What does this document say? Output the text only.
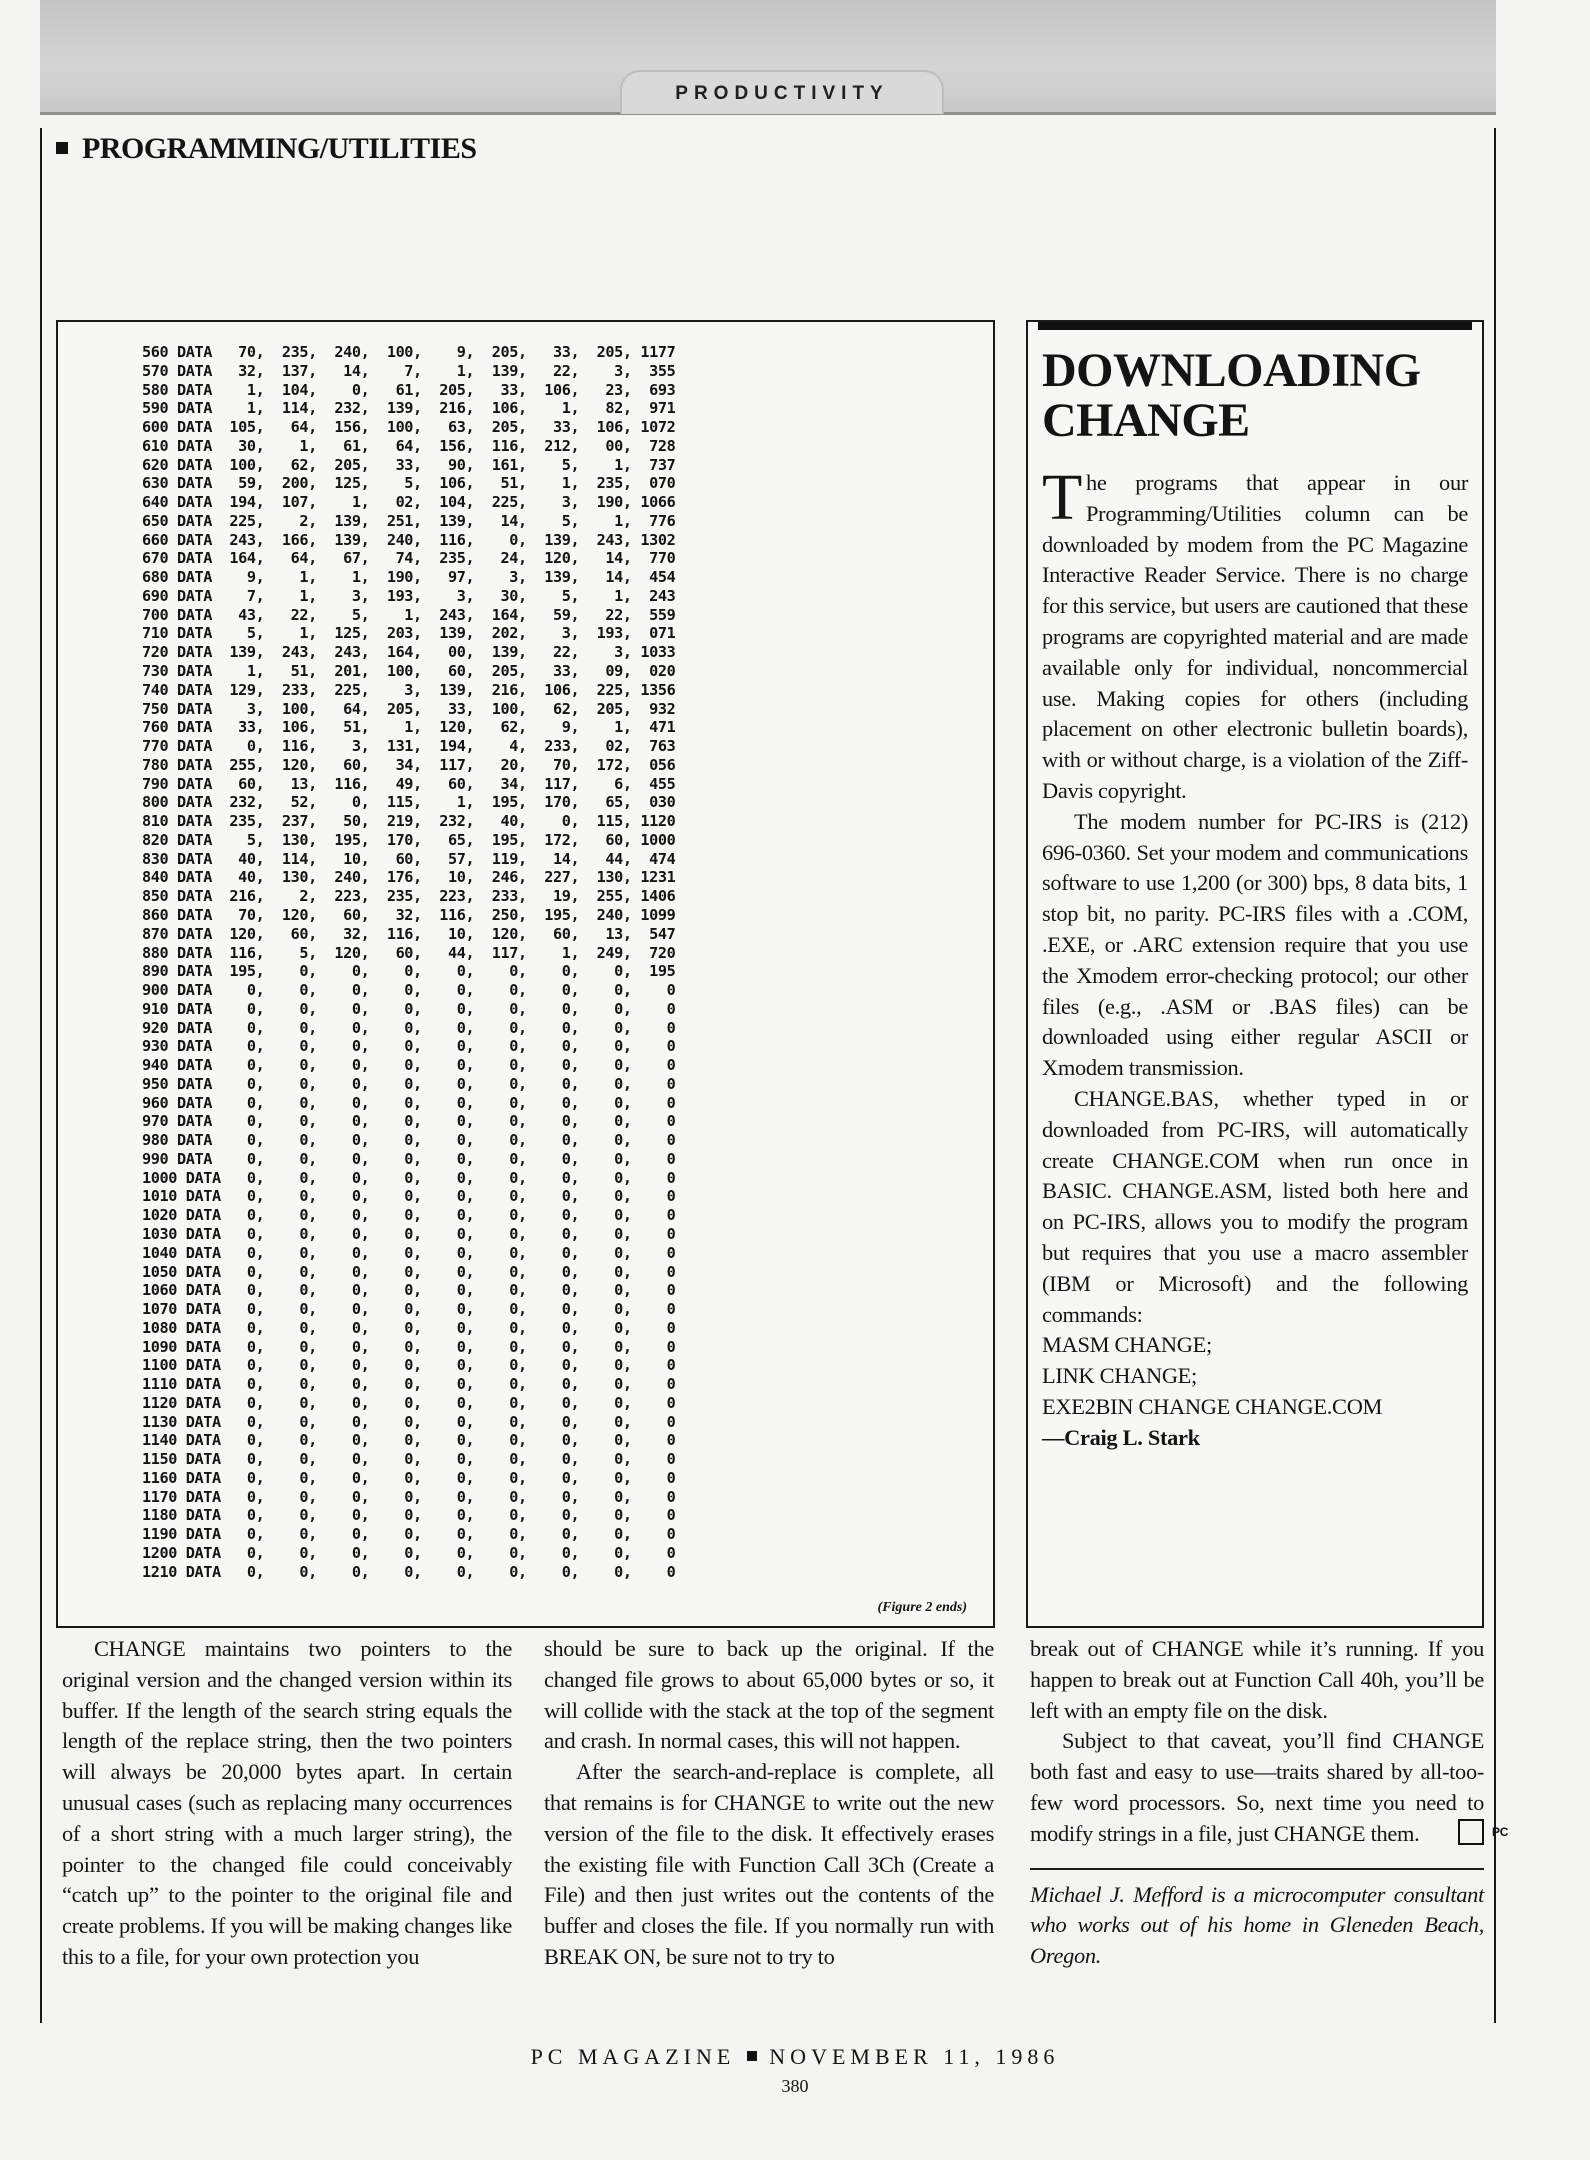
PRODUCTIVITY
PROGRAMMING/UTILITIES
560 DATA   70,  235,  240,  100,    9,  205,   33,  205, 1177
570 DATA   32,  137,   14,    7,    1,  139,   22,    3,  355
580 DATA    1,  104,    0,   61,  205,   33,  106,   23,  693
590 DATA    1,  114,  232,  139,  216,  106,    1,   82,  971
600 DATA  105,   64,  156,  100,   63,  205,   33,  106, 1072
610 DATA   30,    1,   61,   64,  156,  116,  212,   00,  728
620 DATA  100,   62,  205,   33,   90,  161,    5,    1,  737
630 DATA   59,  200,  125,    5,  106,   51,    1,  235,  070
640 DATA  194,  107,    1,   02,  104,  225,    3,  190, 1066
650 DATA  225,    2,  139,  251,  139,   14,    5,    1,  776
660 DATA  243,  166,  139,  240,  116,    0,  139,  243, 1302
670 DATA  164,   64,   67,   74,  235,   24,  120,   14,  770
680 DATA    9,    1,    1,  190,   97,    3,  139,   14,  454
690 DATA    7,    1,    3,  193,    3,   30,    5,    1,  243
700 DATA   43,   22,    5,    1,  243,  164,   59,   22,  559
710 DATA    5,    1,  125,  203,  139,  202,    3,  193,  071
720 DATA  139,  243,  243,  164,   00,  139,   22,    3, 1033
730 DATA    1,   51,  201,  100,   60,  205,   33,   09,  020
740 DATA  129,  233,  225,    3,  139,  216,  106,  225, 1356
750 DATA    3,  100,   64,  205,   33,  100,   62,  205,  932
760 DATA   33,  106,   51,    1,  120,   62,    9,    1,  471
770 DATA    0,  116,    3,  131,  194,    4,  233,   02,  763
780 DATA  255,  120,   60,   34,  117,   20,   70,  172,  056
790 DATA   60,   13,  116,   49,   60,   34,  117,    6,  455
800 DATA  232,   52,    0,  115,    1,  195,  170,   65,  030
810 DATA  235,  237,   50,  219,  232,   40,    0,  115, 1120
820 DATA    5,  130,  195,  170,   65,  195,  172,   60, 1000
830 DATA   40,  114,   10,   60,   57,  119,   14,   44,  474
840 DATA   40,  130,  240,  176,   10,  246,  227,  130, 1231
850 DATA  216,    2,  223,  235,  223,  233,   19,  255, 1406
860 DATA   70,  120,   60,   32,  116,  250,  195,  240, 1099
870 DATA  120,   60,   32,  116,   10,  120,   60,   13,  547
880 DATA  116,    5,  120,   60,   44,  117,    1,  249,  720
890 DATA  195,    0,    0,    0,    0,    0,    0,    0,  195
900 DATA    0,    0,    0,    0,    0,    0,    0,    0,    0
910 DATA    0,    0,    0,    0,    0,    0,    0,    0,    0
920 DATA    0,    0,    0,    0,    0,    0,    0,    0,    0
930 DATA    0,    0,    0,    0,    0,    0,    0,    0,    0
940 DATA    0,    0,    0,    0,    0,    0,    0,    0,    0
950 DATA    0,    0,    0,    0,    0,    0,    0,    0,    0
960 DATA    0,    0,    0,    0,    0,    0,    0,    0,    0
970 DATA    0,    0,    0,    0,    0,    0,    0,    0,    0
980 DATA    0,    0,    0,    0,    0,    0,    0,    0,    0
990 DATA    0,    0,    0,    0,    0,    0,    0,    0,    0
1000 DATA   0,    0,    0,    0,    0,    0,    0,    0,    0
1010 DATA   0,    0,    0,    0,    0,    0,    0,    0,    0
1020 DATA   0,    0,    0,    0,    0,    0,    0,    0,    0
1030 DATA   0,    0,    0,    0,    0,    0,    0,    0,    0
1040 DATA   0,    0,    0,    0,    0,    0,    0,    0,    0
1050 DATA   0,    0,    0,    0,    0,    0,    0,    0,    0
1060 DATA   0,    0,    0,    0,    0,    0,    0,    0,    0
1070 DATA   0,    0,    0,    0,    0,    0,    0,    0,    0
1080 DATA   0,    0,    0,    0,    0,    0,    0,    0,    0
1090 DATA   0,    0,    0,    0,    0,    0,    0,    0,    0
1100 DATA   0,    0,    0,    0,    0,    0,    0,    0,    0
1110 DATA   0,    0,    0,    0,    0,    0,    0,    0,    0
1120 DATA   0,    0,    0,    0,    0,    0,    0,    0,    0
1130 DATA   0,    0,    0,    0,    0,    0,    0,    0,    0
1140 DATA   0,    0,    0,    0,    0,    0,    0,    0,    0
1150 DATA   0,    0,    0,    0,    0,    0,    0,    0,    0
1160 DATA   0,    0,    0,    0,    0,    0,    0,    0,    0
1170 DATA   0,    0,    0,    0,    0,    0,    0,    0,    0
1180 DATA   0,    0,    0,    0,    0,    0,    0,    0,    0
1190 DATA   0,    0,    0,    0,    0,    0,    0,    0,    0
1200 DATA   0,    0,    0,    0,    0,    0,    0,    0,    0
1210 DATA   0,    0,    0,    0,    0,    0,    0,    0,    0
(Figure 2 ends)
DOWNLOADING
CHANGE

The programs that appear in our Programming/Utilities column can be downloaded by modem from the PC Magazine Interactive Reader Service. There is no charge for this service, but users are cautioned that these programs are copyrighted material and are made available only for individual, noncommercial use. Making copies for others (including placement on other electronic bulletin boards), with or without charge, is a violation of the Ziff-Davis copyright.

The modem number for PC-IRS is (212) 696-0360. Set your modem and communications software to use 1,200 (or 300) bps, 8 data bits, 1 stop bit, no parity. PC-IRS files with a .COM, .EXE, or .ARC extension require that you use the Xmodem error-checking protocol; our other files (e.g., .ASM or .BAS files) can be downloaded using either regular ASCII or Xmodem transmission.

CHANGE.BAS, whether typed in or downloaded from PC-IRS, will automatically create CHANGE.COM when run once in BASIC. CHANGE.ASM, listed both here and on PC-IRS, allows you to modify the program but requires that you use a macro assembler (IBM or Microsoft) and the following commands:

MASM CHANGE;

LINK CHANGE;

EXE2BIN CHANGE CHANGE.COM

—Craig L. Stark

CHANGE maintains two pointers to the original version and the changed version within its buffer. If the length of the search string equals the length of the replace string, then the two pointers will always be 20,000 bytes apart. In certain unusual cases (such as replacing many occurrences of a short string with a much larger string), the pointer to the changed file could conceivably “catch up” to the pointer to the original file and create problems. If you will be making changes like this to a file, for your own protection you

should be sure to back up the original. If the changed file grows to about 65,000 bytes or so, it will collide with the stack at the top of the segment and crash. In normal cases, this will not happen.

After the search-and-replace is complete, all that remains is for CHANGE to write out the new version of the file to the disk. It effectively erases the existing file with Function Call 3Ch (Create a File) and then just writes out the contents of the buffer and closes the file. If you normally run with BREAK ON, be sure not to try to

break out of CHANGE while it’s running. If you happen to break out at Function Call 40h, you’ll be left with an empty file on the disk.

Subject to that caveat, you’ll find CHANGE both fast and easy to use—traits shared by all-too-few word processors. So, next time you need to modify strings in a file, just CHANGE them.	PC

Michael J. Mefford is a microcomputer consultant who works out of his home in Gleneden Beach, Oregon.

PC MAGAZINE NOVEMBER 11, 1986
380
